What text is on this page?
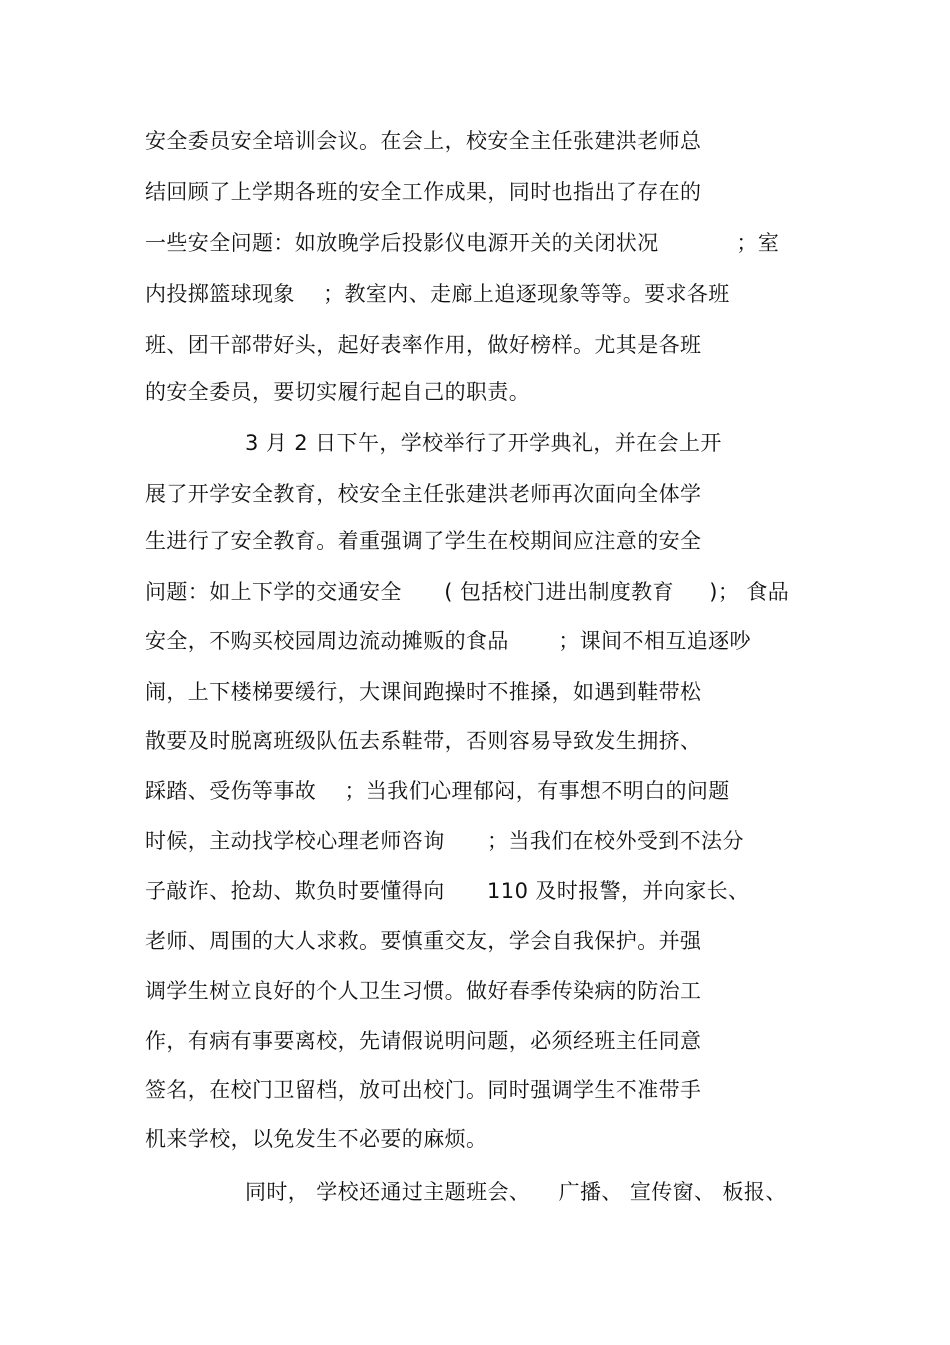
安全委员安全培训会议。在会上，校安全主任张建洪老师总
结回顾了上学期各班的安全工作成果，同时也指出了存在的
一些安全问题：如放晚学后投影仪电源开关的关闭状况           ；室
内投掷篮球现象    ；教室内、走廊上追逐现象等等。要求各班
班、团干部带好头，起好表率作用，做好榜样。尤其是各班
的安全委员，要切实履行起自己的职责。
3 月 2 日下午，学校举行了开学典礼，并在会上开
展了开学安全教育，校安全主任张建洪老师再次面向全体学
生进行了安全教育。着重强调了学生在校期间应注意的安全
问题：如上下学的交通安全      ( 包括校门进出制度教育     )； 食品
安全，不购买校园周边流动摊贩的食品       ；课间不相互追逐吵
闹，上下楼梯要缓行，大课间跑操时不推搡，如遇到鞋带松
散要及时脱离班级队伍去系鞋带，否则容易导致发生拥挤、
踩踏、受伤等事故    ；当我们心理郁闷，有事想不明白的问题
时候，主动找学校心理老师咨询      ；当我们在校外受到不法分
子敲诈、抢劫、欺负时要懂得向      110 及时报警，并向家长、
老师、周围的大人求救。要慎重交友，学会自我保护。并强
调学生树立良好的个人卫生习惯。做好春季传染病的防治工
作，有病有事要离校，先请假说明问题，必须经班主任同意
签名，在校门卫留档，放可出校门。同时强调学生不准带手
机来学校，以免发生不必要的麻烦。
同时， 学校还通过主题班会、    广播、 宣传窗、 板报、
